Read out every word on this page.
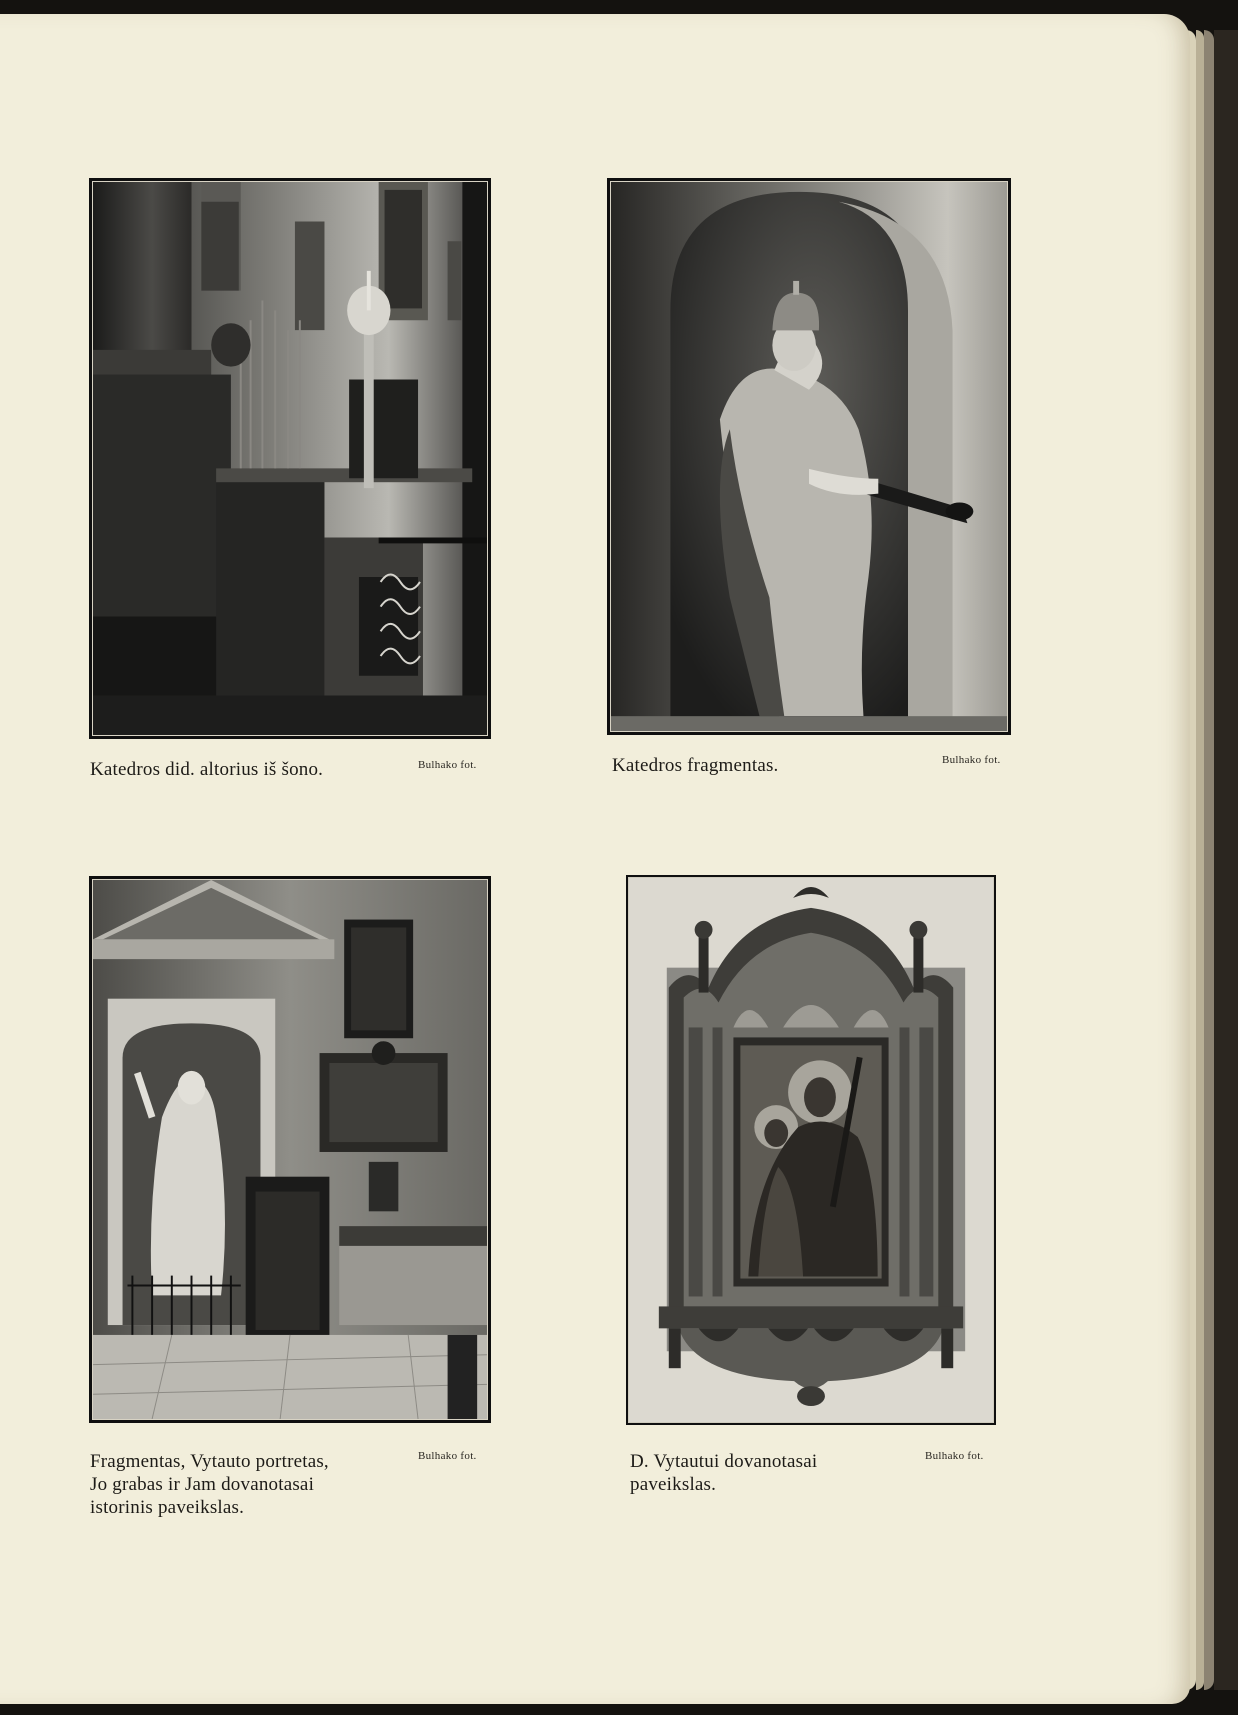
Katedros did. altorius iš šono.	Bulhako fot.	Katedros fragmentas.	Bulhako fot.
Fragmentas, Vytauto portretas,
Jo grabas ir Jam dovanotasai
istorinis paveikslas.
Bulhako fot.	D. Vytautui dovanotasai
paveikslas.
Bulhako fot.
